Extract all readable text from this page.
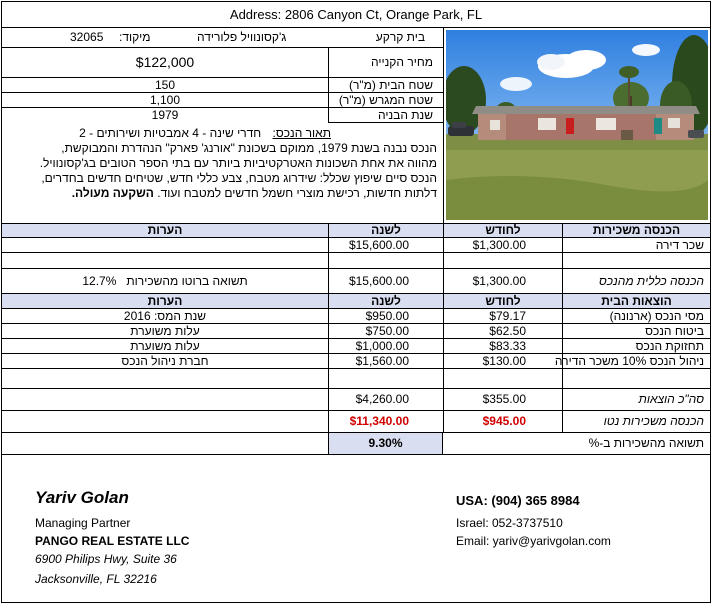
Address: 2806 Canyon Ct, Orange Park, FL
בית קרקע
ג'קסונוויל פלורידה
מיקוד:
32065
מחיר הקנייה
$122,000
שטח הבית (מ"ר)
150
שטח המגרש (מ"ר)
1,100
שנת הבניה
1979
תאור הנכס: חדרי שינה - 4 אמבטיות ושירותים - 2
הנכס נבנה בשנת 1979, ממוקם בשכונת "אורנג' פארק" הנהדרת והמבוקשת,
מהווה את אחת השכונות האטרקטיביות ביותר עם בתי הספר הטובים בג'קסונוויל.
הנכס סיים שיפוץ שכלל: שידרוג מטבח, צבע כללי חדש, שטיחים חדשים בחדרים,
דלתות חדשות, רכישת מוצרי חשמל חדשים למטבח ועוד. השקעה מעולה.
הכנסה משכירות
לחודש
לשנה
הערות
שכר דירה
$1,300.00
$15,600.00
הכנסה כללית מהנכס
$1,300.00
$15,600.00
תשואה ברוטו מהשכירות   12.7%
הוצאות הבית
לחודש
לשנה
הערות
מסי הנכס (ארנונה)
$79.17
$950.00
שנת המס: 2016
ביטוח הנכס
$62.50
$750.00
עלות משוערת
תחזוקת הנכס
$83.33
$1,000.00
עלות משוערת
ניהול הנכס 10% משכר הדירה
$130.00
$1,560.00
חברת ניהול הנכס
סה"כ הוצאות
$355.00
$4,260.00
הכנסה משכירות נטו
$945.00
$11,340.00
תשואה מהשכירות ב-%
9.30%
Yariv Golan
Managing Partner
PANGO REAL ESTATE LLC
6900 Philips Hwy, Suite 36
Jacksonville, FL 32216
USA: (904) 365 8984
Israel: 052-3737510
Email: yariv@yarivgolan.com
